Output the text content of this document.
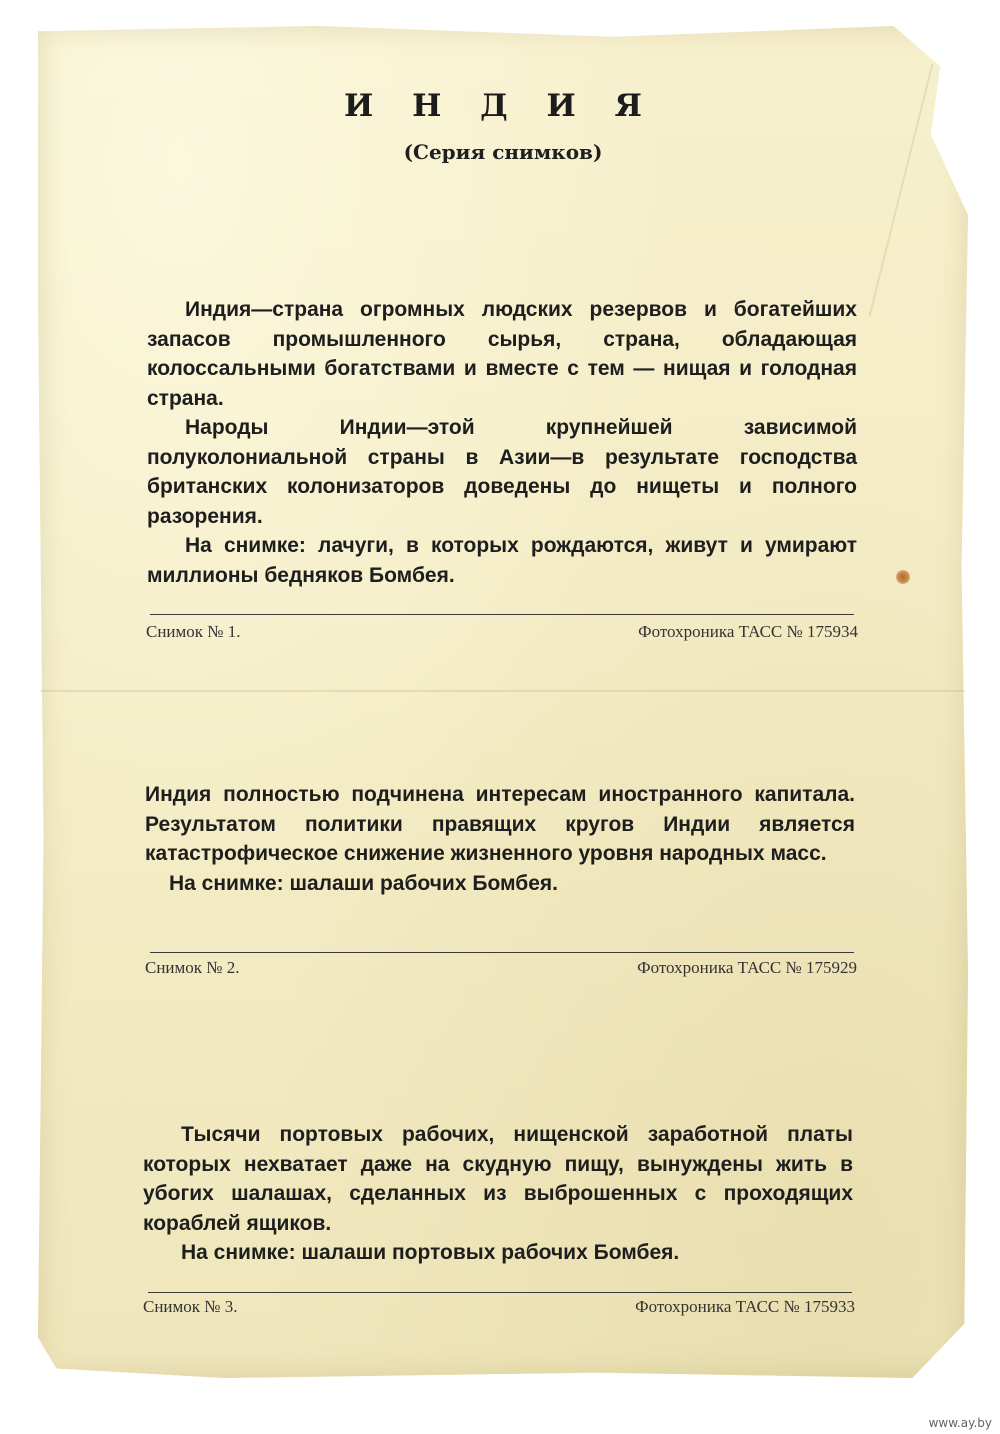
И Н Д И Я
(Серия снимков)

Индия—страна огромных людских резервов и богатейших запасов промышленного сырья, страна, обладающая колоссальными богатствами и вместе с тем — нищая и голодная страна.

Народы Индии—этой крупнейшей зависимой полуколониальной страны в Азии—в результате господства британских колонизаторов доведены до нищеты и полного разорения.

На снимке: лачуги, в которых рождаются, живут и умирают миллионы бедняков Бомбея.

Снимок № 1.	Фотохроника ТАСС № 175934

Индия полностью подчинена интересам иностранного капитала. Результатом политики правящих кругов Индии является катастрофическое снижение жизненного уровня народных масс.

На снимке: шалаши рабочих Бомбея.

Снимок № 2.	Фотохроника ТАСС № 175929

Тысячи портовых рабочих, нищенской заработной платы которых нехватает даже на скудную пищу, вынуждены жить в убогих шалашах, сделанных из выброшенных с проходящих кораблей ящиков.

На снимке: шалаши портовых рабочих Бомбея.

Снимок № 3.	Фотохроника ТАСС № 175933
www.ay.by
